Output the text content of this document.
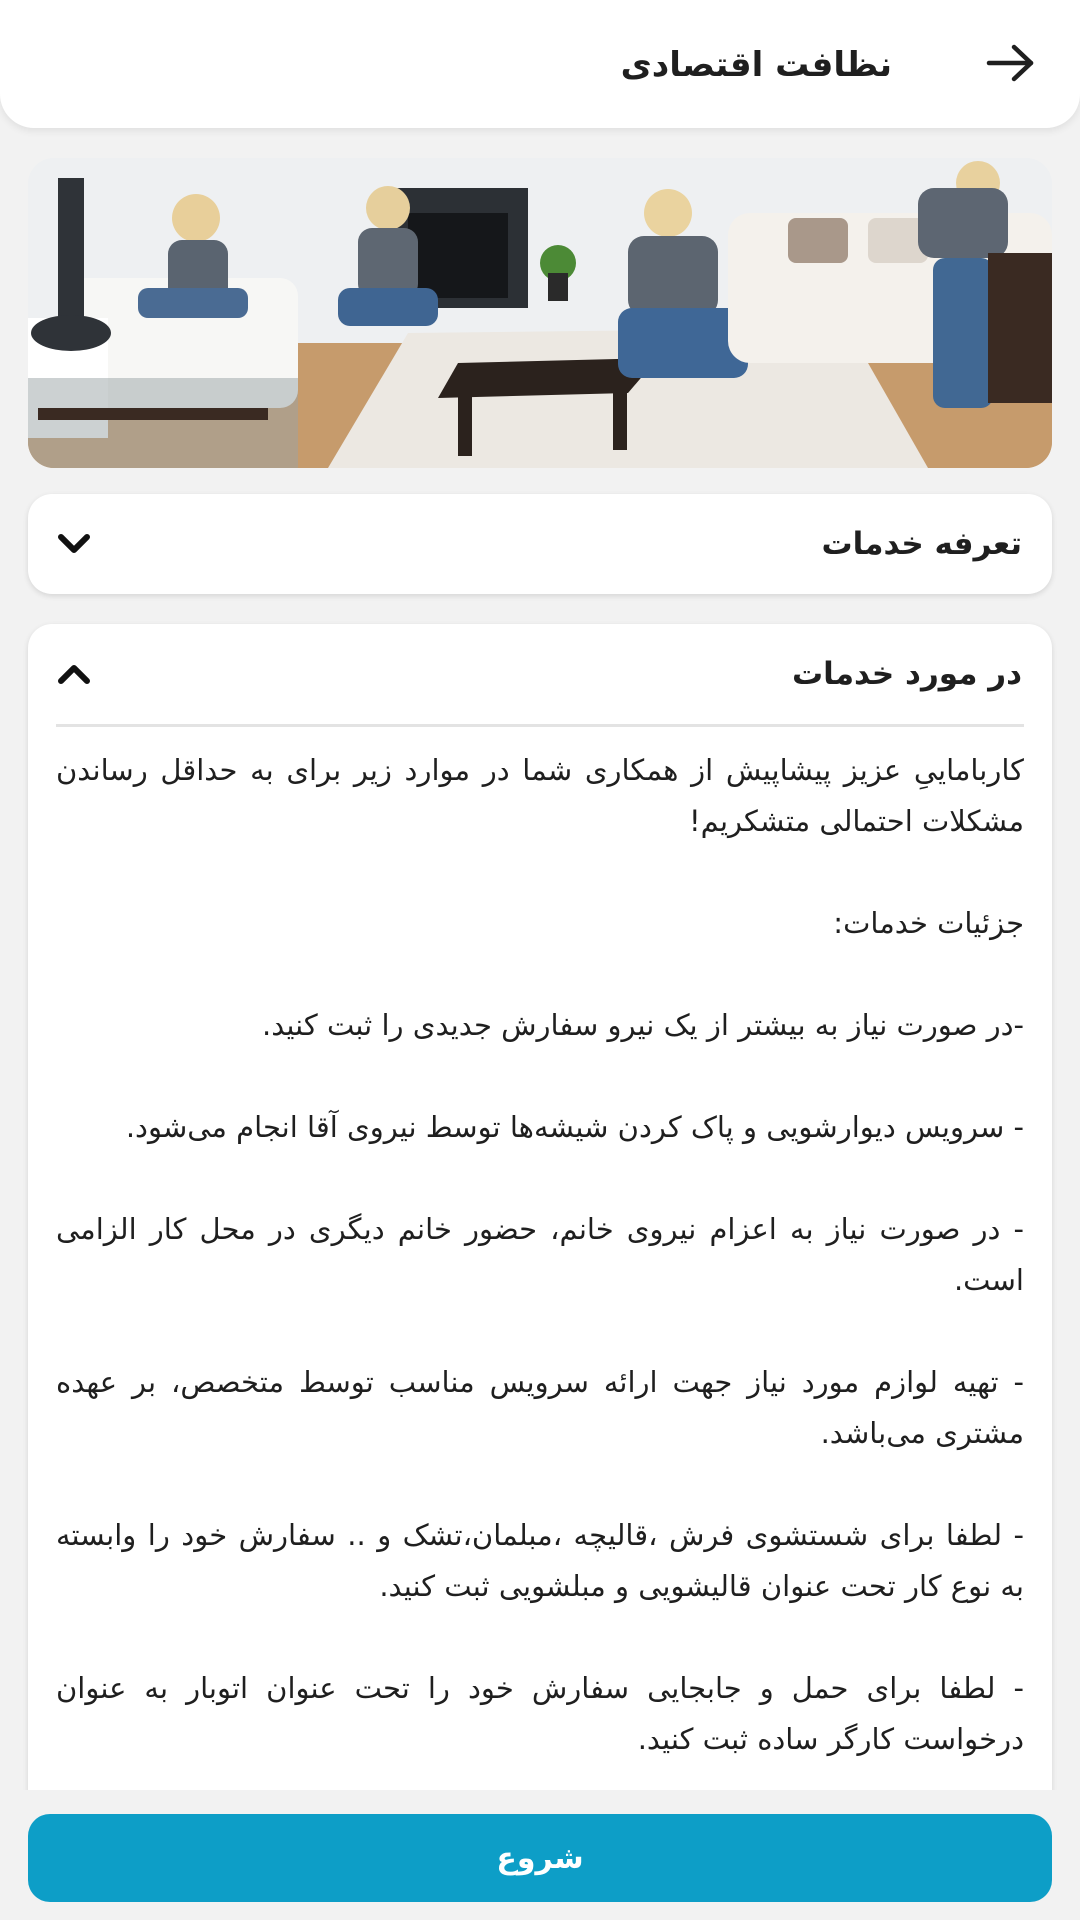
نظافت اقتصادی
تعرفه خدمات
در مورد خدمات

کارباماییِ عزیز پیشاپیش از همکاری شما در موارد زیر برای به حداقل رساندن مشکلات احتمالی متشکریم!

جزئیات خدمات:

-در صورت نیاز به بیشتر از یک نیرو سفارش جدیدی را ثبت کنید.

- سرویس دیوارشویی و پاک کردن شیشه‌ها توسط نیروی آقا انجام می‌شود.

- در صورت نیاز به اعزام نیروی خانم، حضور خانم دیگری در محل کار الزامی است.

- تهیه لوازم مورد نیاز جهت ارائه سرویس مناسب توسط متخصص، بر عهده مشتری می‌باشد.

- لطفا برای شستشوی فرش ،قالیچه ،مبلمان،تشک و .. سفارش خود را وابسته به نوع کار تحت عنوان قالیشویی و مبلشویی ثبت کنید.

- لطفا برای حمل و جابجایی سفارش خود را تحت عنوان اتوبار به عنوان درخواست کارگر ساده ثبت کنید.

شروع
